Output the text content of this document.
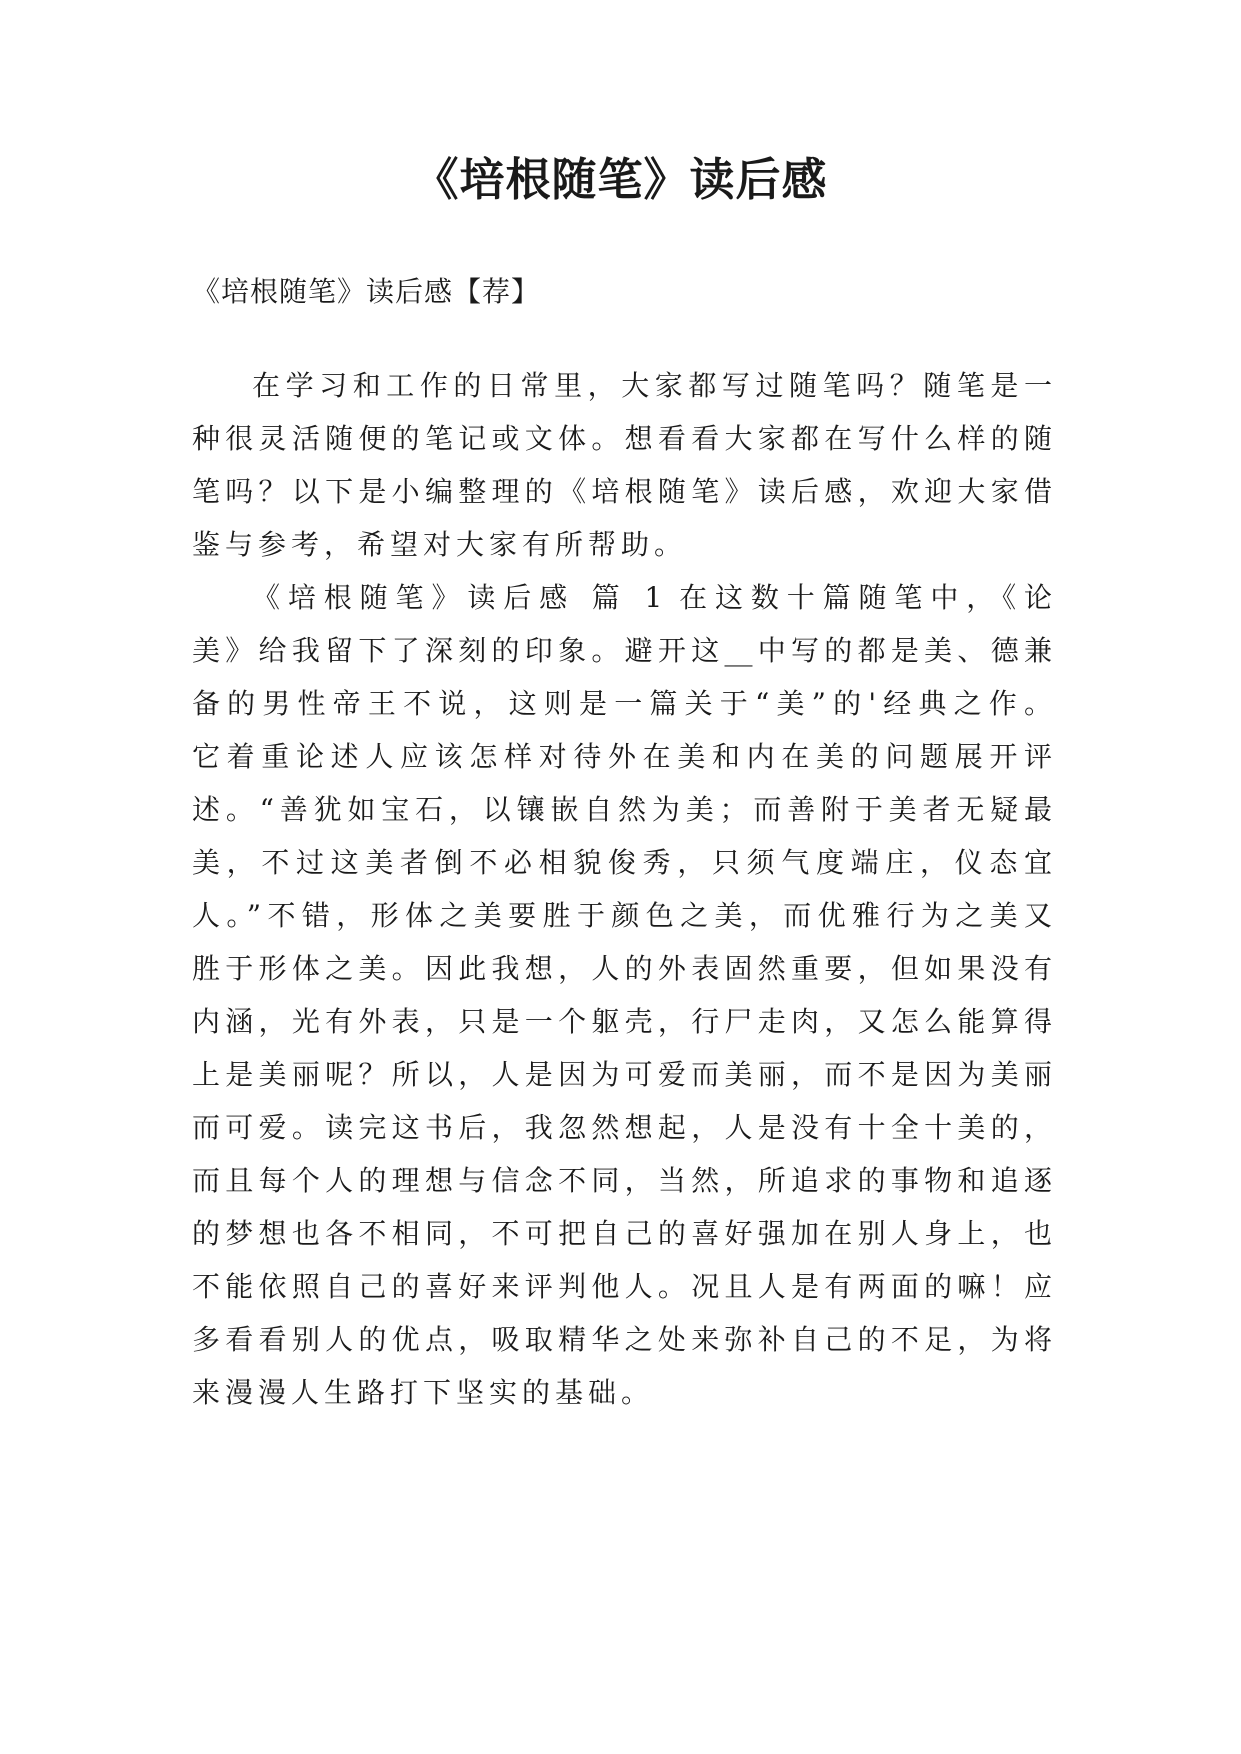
《培根随笔》读后感
《培根随笔》读后感【荐】
在学习和工作的日常里，大家都写过随笔吗？随笔是一
种很灵活随便的笔记或文体。想看看大家都在写什么样的随
笔吗？以下是小编整理的《培根随笔》读后感，欢迎大家借
鉴与参考，希望对大家有所帮助。
《培根随笔》读后感 篇 1 在这数十篇随笔中，《论
美》给我留下了深刻的印象。避开这__中写的都是美、德兼
备的男性帝王不说，这则是一篇关于“美”的'经典之作。
它着重论述人应该怎样对待外在美和内在美的问题展开评
述。“善犹如宝石，以镶嵌自然为美；而善附于美者无疑最
美，不过这美者倒不必相貌俊秀，只须气度端庄，仪态宜
人。”不错，形体之美要胜于颜色之美，而优雅行为之美又
胜于形体之美。因此我想，人的外表固然重要，但如果没有
内涵，光有外表，只是一个躯壳，行尸走肉，又怎么能算得
上是美丽呢？所以，人是因为可爱而美丽，而不是因为美丽
而可爱。读完这书后，我忽然想起，人是没有十全十美的，
而且每个人的理想与信念不同，当然，所追求的事物和追逐
的梦想也各不相同，不可把自己的喜好强加在别人身上，也
不能依照自己的喜好来评判他人。况且人是有两面的嘛！应
多看看别人的优点，吸取精华之处来弥补自己的不足，为将
来漫漫人生路打下坚实的基础。
